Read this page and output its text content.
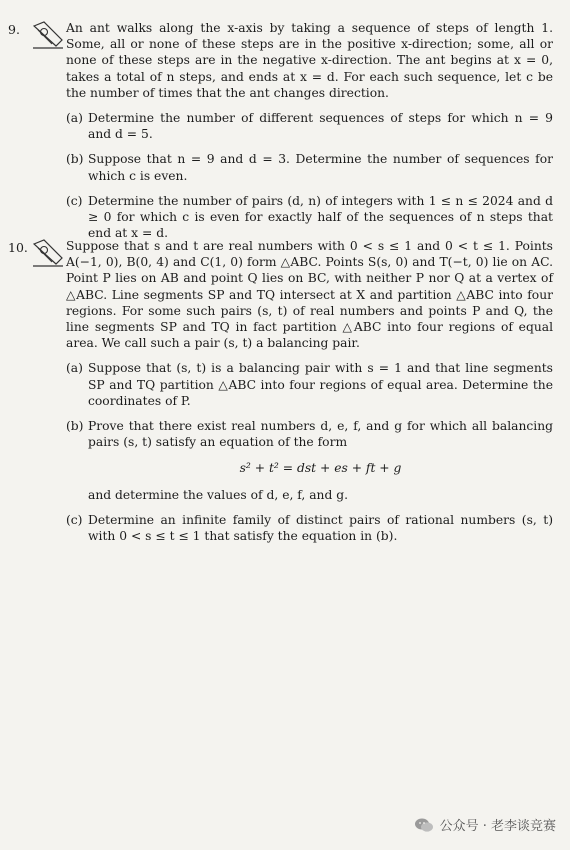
9.	An ant walks along the x-axis by taking a sequence of steps of length 1. Some, all or none of these steps are in the positive x-direction; some, all or none of these steps are in the negative x-direction. The ant begins at x = 0, takes a total of n steps, and ends at x = d. For each such sequence, let c be the number of times that the ant changes direction.

(a) Determine the number of different sequences of steps for which n = 9 and d = 5.
(b) Suppose that n = 9 and d = 3. Determine the number of sequences for which c is even.
(c) Determine the number of pairs (d, n) of integers with 1 ≤ n ≤ 2024 and d ≥ 0 for which c is even for exactly half of the sequences of n steps that end at x = d.
10.	Suppose that s and t are real numbers with 0 < s ≤ 1 and 0 < t ≤ 1. Points A(−1, 0), B(0, 4) and C(1, 0) form △ABC. Points S(s, 0) and T(−t, 0) lie on AC. Point P lies on AB and point Q lies on BC, with neither P nor Q at a vertex of △ABC. Line segments SP and TQ intersect at X and partition △ABC into four regions. For some such pairs (s, t) of real numbers and points P and Q, the line segments SP and TQ in fact partition △ABC into four regions of equal area. We call such a pair (s, t) a balancing pair.

(a) Suppose that (s, t) is a balancing pair with s = 1 and that line segments SP and TQ partition △ABC into four regions of equal area. Determine the coordinates of P.
(b) Prove that there exist real numbers d, e, f, and g for which all balancing pairs (s, t) satisfy an equation of the form
s² + t² = dst + es + ft + g
and determine the values of d, e, f, and g.
(c) Determine an infinite family of distinct pairs of rational numbers (s, t) with 0 < s ≤ t ≤ 1 that satisfy the equation in (b).
公众号 · 老李谈竞赛
